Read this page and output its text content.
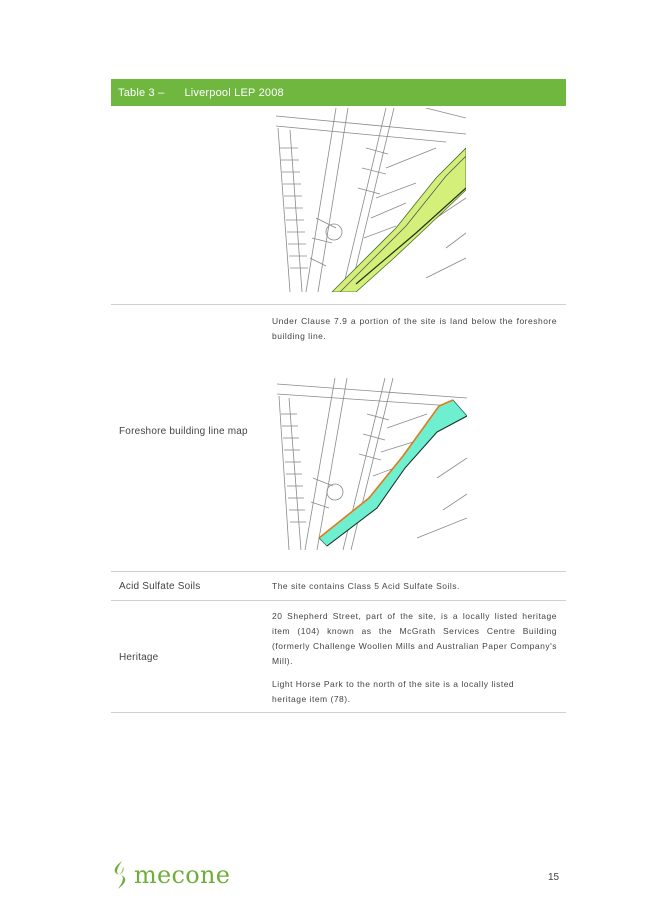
Table 3 – Liverpool LEP 2008
Under Clause 7.9 a portion of the site is land below the foreshore building line.
Foreshore building line map
Acid Sulfate Soils	The site contains Class 5 Acid Sulfate Soils.
Heritage

20 Shepherd Street, part of the site, is a locally listed heritage item (104) known as the McGrath Services Centre Building (formerly Challenge Woollen Mills and Australian Paper Company's Mill).

Light Horse Park to the north of the site is a locally listed heritage item (78).

mecone	15
